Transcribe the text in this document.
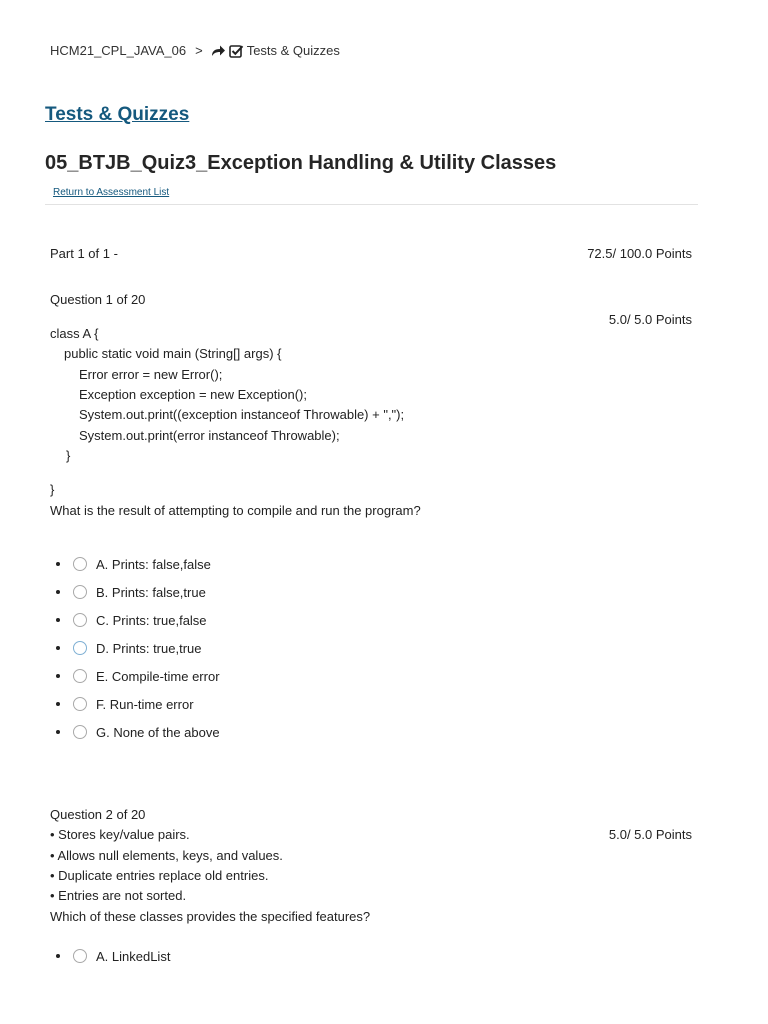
HCM21_CPL_JAVA_06 >	Tests & Quizzes
Tests & Quizzes
05_BTJB_Quiz3_Exception Handling & Utility Classes
Return to Assessment List
Part 1 of 1 -	72.5/ 100.0 Points
Question 1 of 20
5.0/ 5.0 Points
class A {
public static void main (String[] args) {
Error error = new Error();
Exception exception = new Exception();
System.out.print((exception instanceof Throwable) + ",");
System.out.print(error instanceof Throwable);
}
}
What is the result of attempting to compile and run the program?
A. Prints: false,false
B. Prints: false,true
C. Prints: true,false
D. Prints: true,true
E. Compile-time error
F. Run-time error
G. None of the above
Question 2 of 20
5.0/ 5.0 Points
• Stores key/value pairs.
• Allows null elements, keys, and values.
• Duplicate entries replace old entries.
• Entries are not sorted.
Which of these classes provides the specified features?
A. LinkedList
